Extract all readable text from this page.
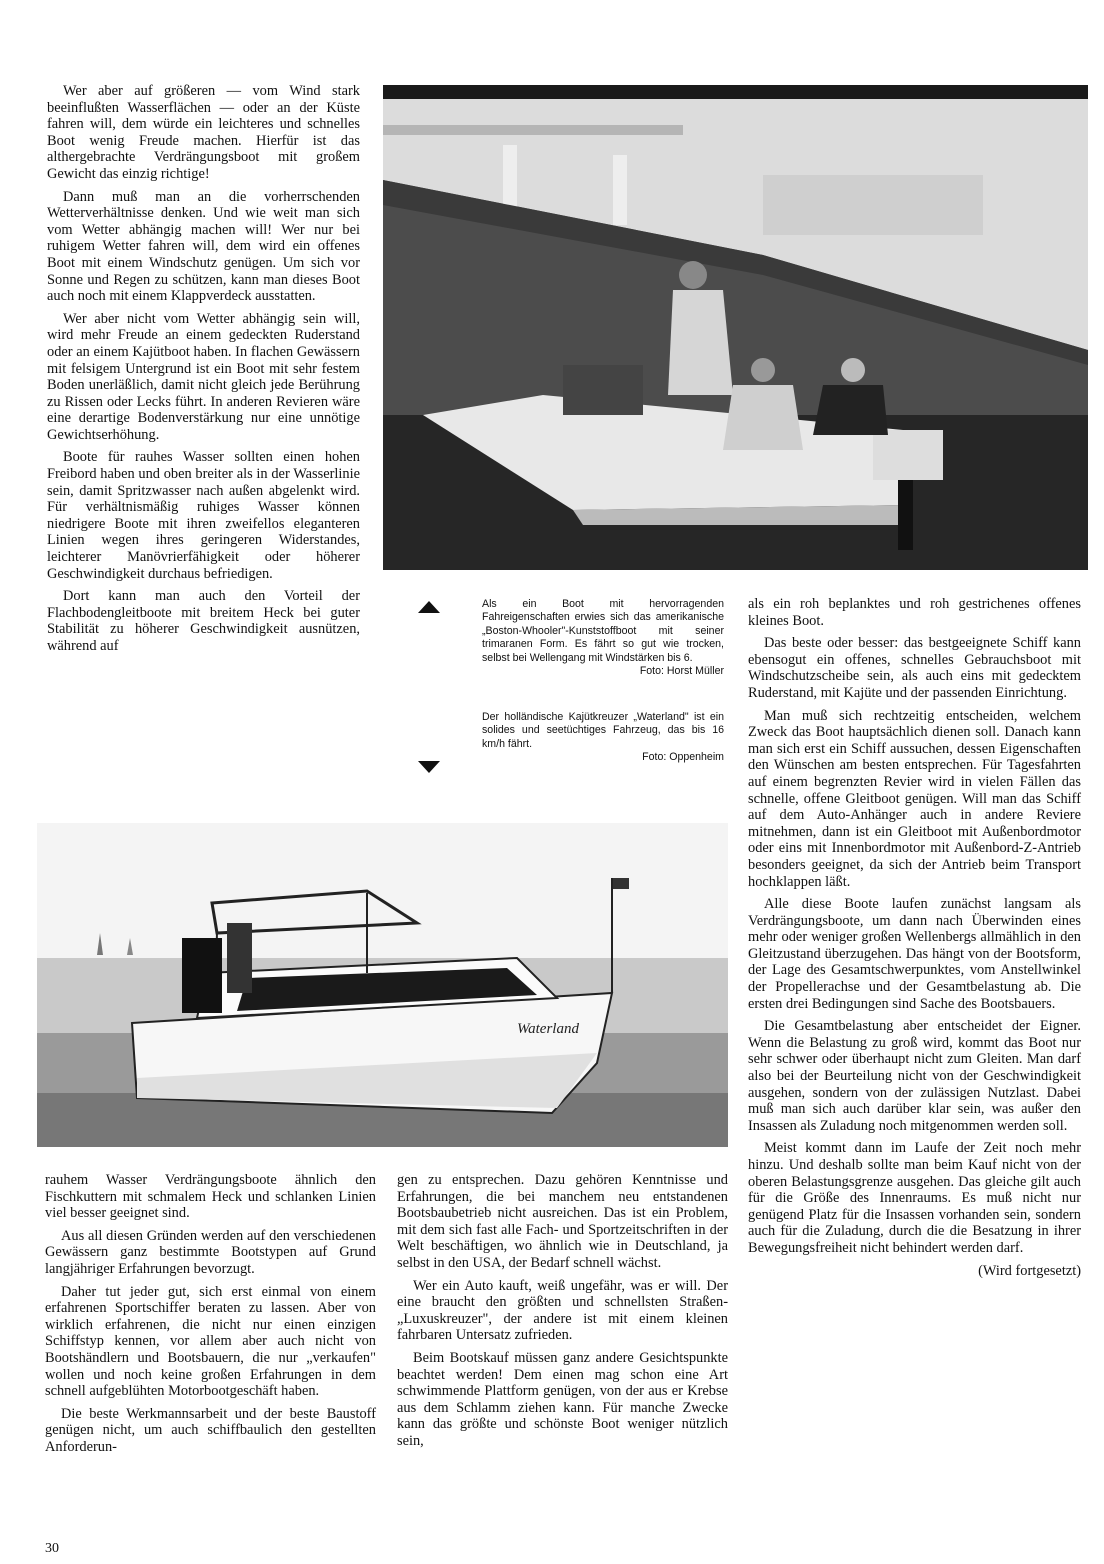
Wer aber auf größeren — vom Wind stark beeinflußten Wasserflächen — oder an der Küste fahren will, dem würde ein leichteres und schnelles Boot wenig Freude machen. Hierfür ist das althergebrachte Verdrängungsboot mit großem Gewicht das einzig richtige!

Dann muß man an die vorherrschenden Wetterverhältnisse denken. Und wie weit man sich vom Wetter abhängig machen will! Wer nur bei ruhigem Wetter fahren will, dem wird ein offenes Boot mit einem Windschutz genügen. Um sich vor Sonne und Regen zu schützen, kann man dieses Boot auch noch mit einem Klappverdeck ausstatten.

Wer aber nicht vom Wetter abhängig sein will, wird mehr Freude an einem gedeckten Ruderstand oder an einem Kajütboot haben. In flachen Gewässern mit felsigem Untergrund ist ein Boot mit sehr festem Boden unerläßlich, damit nicht gleich jede Berührung zu Rissen oder Lecks führt. In anderen Revieren wäre eine derartige Bodenverstärkung nur eine unnötige Gewichtserhöhung.

Boote für rauhes Wasser sollten einen hohen Freibord haben und oben breiter als in der Wasserlinie sein, damit Spritzwasser nach außen abgelenkt wird. Für verhältnismäßig ruhiges Wasser können niedrigere Boote mit ihren zweifellos eleganteren Linien wegen ihres geringeren Widerstandes, leichterer Manövrierfähigkeit oder höherer Geschwindigkeit durchaus befriedigen.

Dort kann man auch den Vorteil der Flachbodengleitboote mit breitem Heck bei guter Stabilität zu höherer Geschwindigkeit ausnützen, während auf

Als ein Boot mit hervorragenden Fahreigenschaften erwies sich das amerikanische „Boston-Whooler"-Kunststoffboot mit seiner trimaranen Form. Es fährt so gut wie trocken, selbst bei Wellengang mit Windstärken bis 6.

Foto: Horst Müller

Der holländische Kajütkreuzer „Waterland" ist ein solides und seetüchtiges Fahrzeug, das bis 16 km/h fährt.

Foto: Oppenheim

als ein roh beplanktes und roh gestrichenes offenes kleines Boot.

Das beste oder besser: das bestgeeignete Schiff kann ebensogut ein offenes, schnelles Gebrauchsboot mit Windschutzscheibe sein, als auch eins mit gedecktem Ruderstand, mit Kajüte und der passenden Einrichtung.

Man muß sich rechtzeitig entscheiden, welchem Zweck das Boot hauptsächlich dienen soll. Danach kann man sich erst ein Schiff aussuchen, dessen Eigenschaften den Wünschen am besten entsprechen. Für Tagesfahrten auf einem begrenzten Revier wird in vielen Fällen das schnelle, offene Gleitboot genügen. Will man das Schiff auf dem Auto-Anhänger auch in andere Reviere mitnehmen, dann ist ein Gleitboot mit Außenbordmotor oder eins mit Innenbordmotor mit Außenbord-Z-Antrieb besonders geeignet, da sich der Antrieb beim Transport hochklappen läßt.

Alle diese Boote laufen zunächst langsam als Verdrängungsboote, um dann nach Überwinden eines mehr oder weniger großen Wellenbergs allmählich in den Gleitzustand überzugehen. Das hängt von der Bootsform, der Lage des Gesamtschwerpunktes, vom Anstellwinkel der Propellerachse und der Gesamtbelastung ab. Die ersten drei Bedingungen sind Sache des Bootsbauers.

Die Gesamtbelastung aber entscheidet der Eigner. Wenn die Belastung zu groß wird, kommt das Boot nur sehr schwer oder überhaupt nicht zum Gleiten. Man darf also bei der Beurteilung nicht von der Geschwindigkeit ausgehen, sondern von der zulässigen Nutzlast. Dabei muß man sich auch darüber klar sein, was außer den Insassen als Zuladung noch mitgenommen werden soll.

Meist kommt dann im Laufe der Zeit noch mehr hinzu. Und deshalb sollte man beim Kauf nicht von der oberen Belastungsgrenze ausgehen. Das gleiche gilt auch für die Größe des Innenraums. Es muß nicht nur genügend Platz für die Insassen vorhanden sein, sondern auch für die Zuladung, durch die die Besatzung in ihrer Bewegungsfreiheit nicht behindert werden darf.

(Wird fortgesetzt)

Waterland

rauhem Wasser Verdrängungsboote ähnlich den Fischkuttern mit schmalem Heck und schlanken Linien viel besser geeignet sind.

Aus all diesen Gründen werden auf den verschiedenen Gewässern ganz bestimmte Bootstypen auf Grund langjähriger Erfahrungen bevorzugt.

Daher tut jeder gut, sich erst einmal von einem erfahrenen Sportschiffer beraten zu lassen. Aber von wirklich erfahrenen, die nicht nur einen einzigen Schiffstyp kennen, vor allem aber auch nicht von Bootshändlern und Bootsbauern, die nur „verkaufen" wollen und noch keine großen Erfahrungen in dem schnell aufgeblühten Motorbootgeschäft haben.

Die beste Werkmannsarbeit und der beste Baustoff genügen nicht, um auch schiffbaulich den gestellten Anforderun-

gen zu entsprechen. Dazu gehören Kenntnisse und Erfahrungen, die bei manchem neu entstandenen Bootsbaubetrieb nicht ausreichen. Das ist ein Problem, mit dem sich fast alle Fach- und Sportzeitschriften in der Welt beschäftigen, wo ähnlich wie in Deutschland, ja selbst in den USA, der Bedarf schnell wächst.

Wer ein Auto kauft, weiß ungefähr, was er will. Der eine braucht den größten und schnellsten Straßen-„Luxuskreuzer", der andere ist mit einem kleinen fahrbaren Untersatz zufrieden.

Beim Bootskauf müssen ganz andere Gesichtspunkte beachtet werden! Dem einen mag schon eine Art schwimmende Plattform genügen, von der aus er Krebse aus dem Schlamm ziehen kann. Für manche Zwecke kann das größte und schönste Boot weniger nützlich sein,

30
